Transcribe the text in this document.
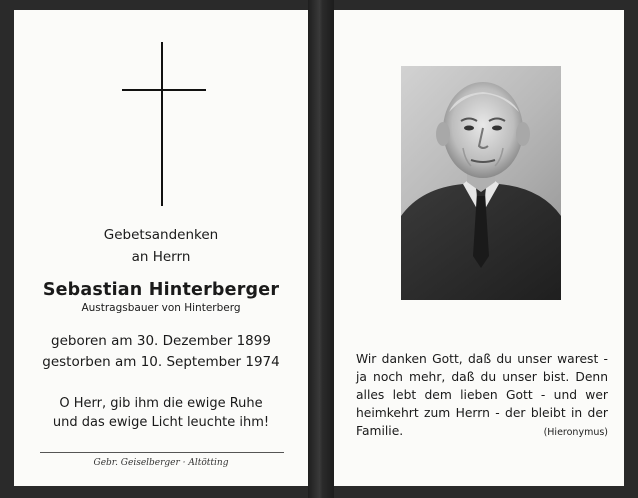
Gebetsandenken
an Herrn
Sebastian Hinterberger
Austragsbauer von Hinterberg
geboren am 30. Dezember 1899
gestorben am 10. September 1974
O Herr, gib ihm die ewige Ruhe
und das ewige Licht leuchte ihm!
Gebr. Geiselberger · Altötting
Wir danken Gott, daß du unser warest -
ja noch mehr, daß du unser bist. Denn
alles lebt dem lieben Gott - und wer
heimkehrt zum Herrn - der bleibt in der
Familie.	(Hieronymus)
